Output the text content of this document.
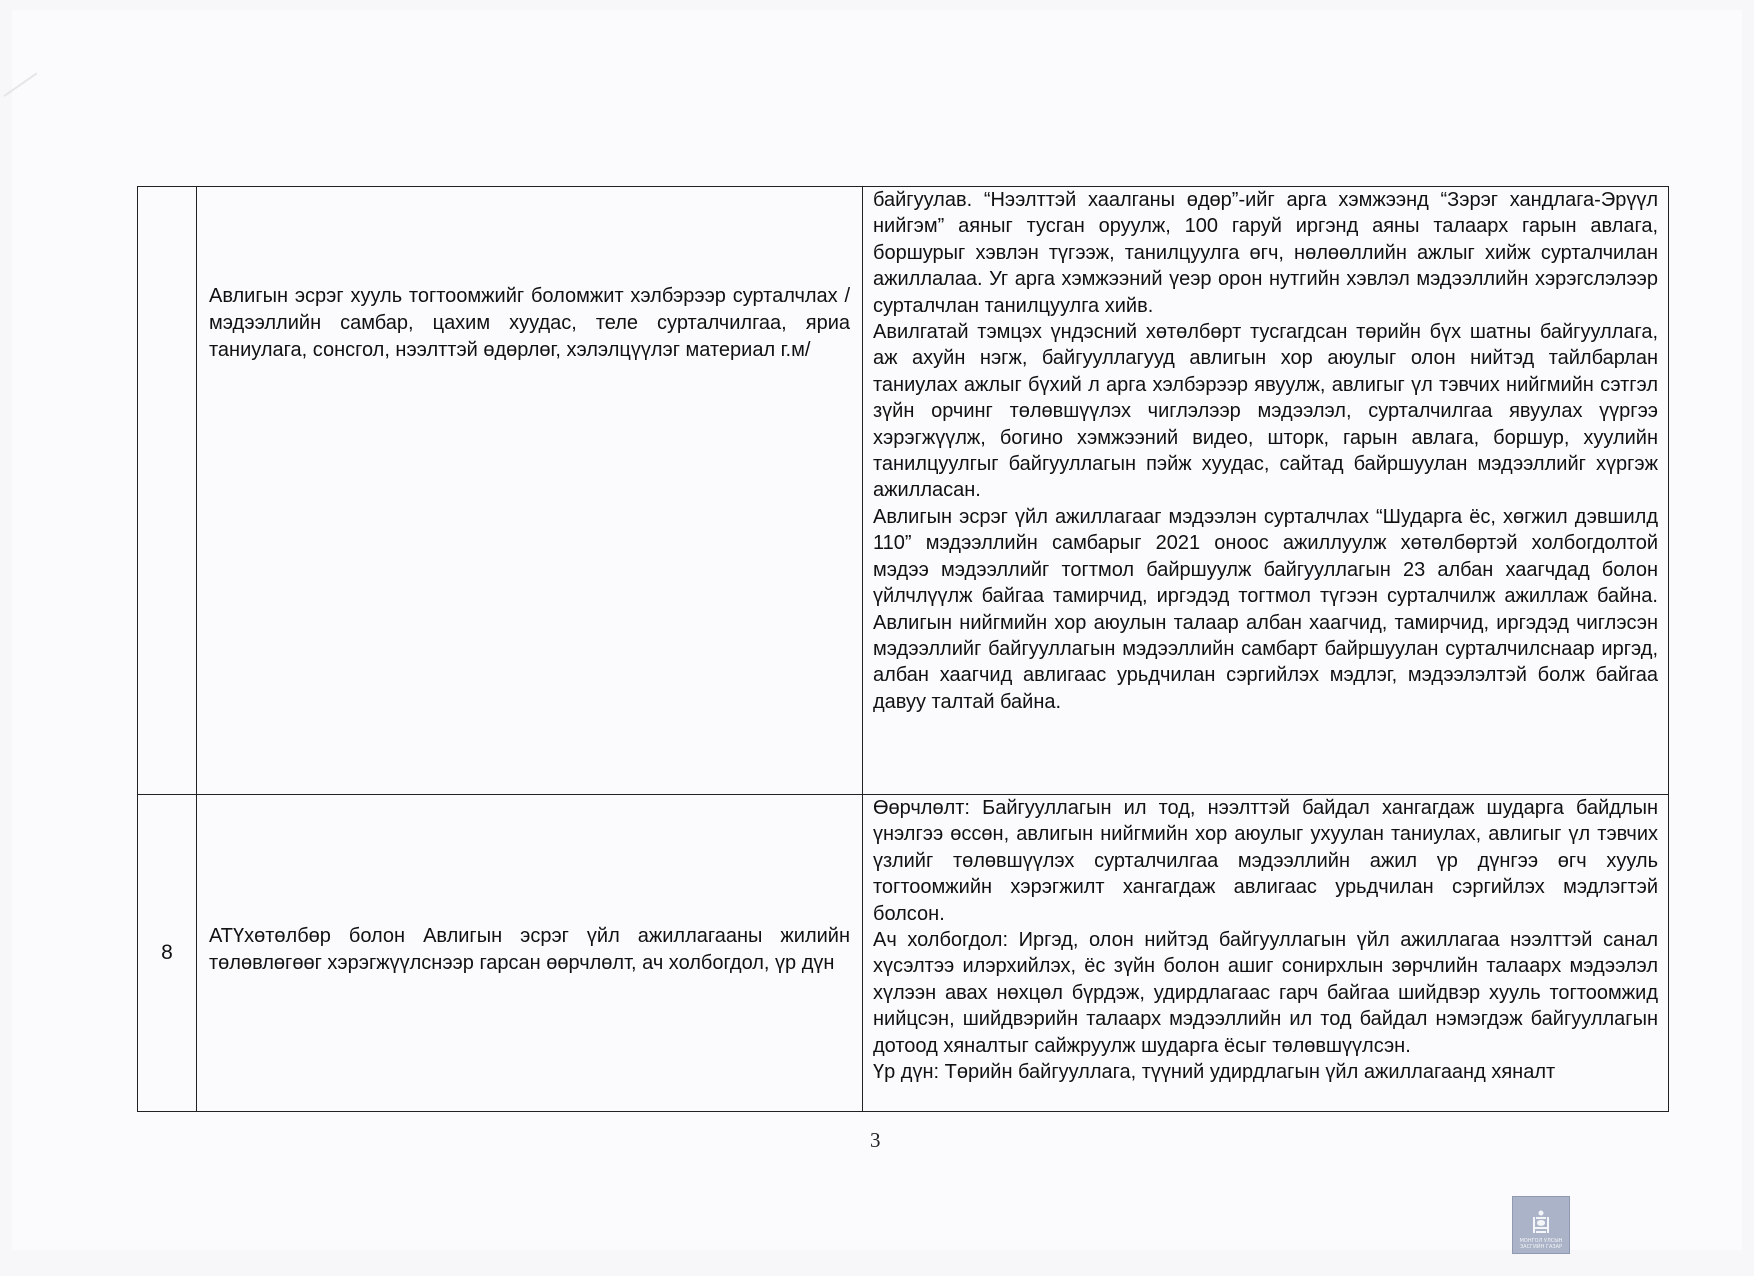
	Авлигын эсрэг хууль тогтоомжийг боломжит хэлбэрээр сурталчлах /мэдээллийн самбар, цахим хуудас, теле сурталчилгаа, яриа таниулага, сонсгол, нээлттэй өдөрлөг, хэлэлцүүлэг материал г.м/	байгуулав. “Нээлттэй хаалганы өдөр”-ийг арга хэмжээнд “Зэрэг хандлага-Эрүүл нийгэм” аяныг тусган оруулж, 100 гаруй иргэнд аяны талаарх гарын авлага, боршурыг хэвлэн түгээж, танилцуулга өгч, нөлөөллийн ажлыг хийж сурталчилан ажиллалаа. Уг арга хэмжээний үеэр орон нутгийн хэвлэл мэдээллийн хэрэгслэлээр сурталчлан танилцуулга хийв.

Авилгатай тэмцэх үндэсний хөтөлбөрт тусгагдсан төрийн бүх шатны байгууллага, аж ахуйн нэгж, байгууллагууд авлигын хор аюулыг олон нийтэд тайлбарлан таниулах ажлыг бүхий л арга хэлбэрээр явуулж, авлигыг үл тэвчих нийгмийн сэтгэл зүйн орчинг төлөвшүүлэх чиглэлээр мэдээлэл, сурталчилгаа явуулах үүргээ хэрэгжүүлж, богино хэмжээний видео, шторк, гарын авлага, боршур, хуулийн танилцуулгыг байгууллагын пэйж хуудас, сайтад байршуулан мэдээллийг хүргэж ажилласан.

Авлигын эсрэг үйл ажиллагааг мэдээлэн сурталчлах “Шударга ёс, хөгжил дэвшилд 110” мэдээллийн самбарыг 2021 оноос ажиллуулж хөтөлбөртэй холбогдолтой мэдээ мэдээллийг тогтмол байршуулж байгууллагын 23 албан хаагчдад болон үйлчлүүлж байгаа тамирчид, иргэдэд тогтмол түгээн сурталчилж ажиллаж байна. Авлигын нийгмийн хор аюулын талаар албан хаагчид, тамирчид, иргэдэд чиглэсэн мэдээллийг байгууллагын мэдээллийн самбарт байршуулан сурталчилснаар иргэд, албан хаагчид авлигаас урьдчилан сэргийлэх мэдлэг, мэдээлэлтэй болж байгаа давуу талтай байна.

8	АТҮхөтөлбөр болон Авлигын эсрэг үйл ажиллагааны жилийн төлөвлөгөөг хэрэгжүүлснээр гарсан өөрчлөлт, ач холбогдол, үр дүн	Өөрчлөлт: Байгууллагын ил тод, нээлттэй байдал хангагдаж шударга байдлын үнэлгээ өссөн, авлигын нийгмийн хор аюулыг ухуулан таниулах, авлигыг үл тэвчих үзлийг төлөвшүүлэх сурталчилгаа мэдээллийн ажил үр дүнгээ өгч хууль тогтоомжийн хэрэгжилт хангагдаж авлигаас урьдчилан сэргийлэх мэдлэгтэй болсон.

Ач холбогдол: Иргэд, олон нийтэд байгууллагын үйл ажиллагаа нээлттэй санал хүсэлтээ илэрхийлэх, ёс зүйн болон ашиг сонирхлын зөрчлийн талаарх мэдээлэл хүлээн авах нөхцөл бүрдэж, удирдлагаас гарч байгаа шийдвэр хууль тогтоомжид нийцсэн, шийдвэрийн талаарх мэдээллийн ил тод байдал нэмэгдэж байгууллагын дотоод хяналтыг сайжруулж шударга ёсыг төлөвшүүлсэн.

Үр дүн: Төрийн байгууллага, түүний удирдлагын үйл ажиллагаанд хяналт

3
МОНГОЛ УЛСЫН ЗАСГИЙН ГАЗАР
